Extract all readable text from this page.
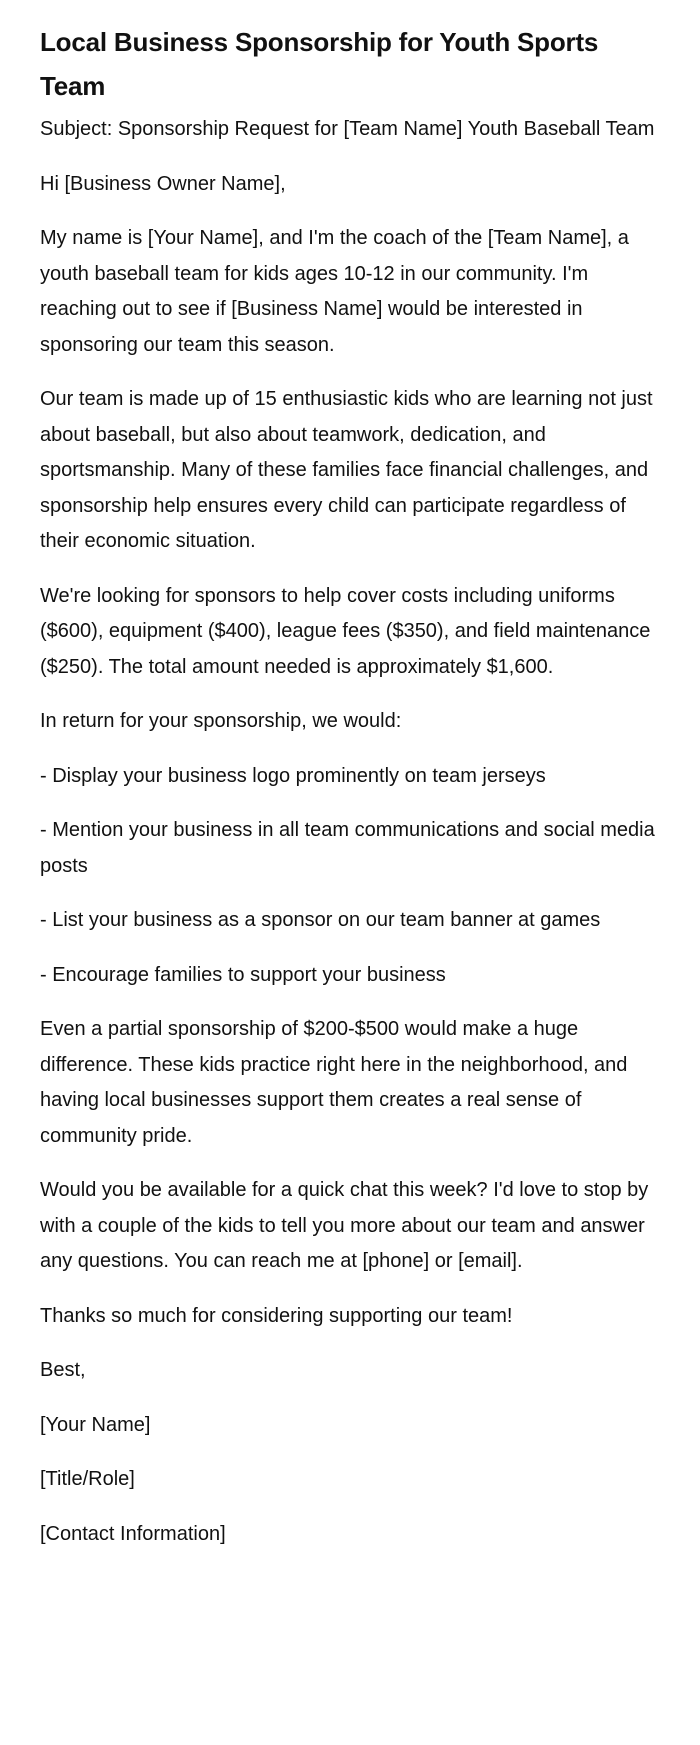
Local Business Sponsorship for Youth Sports Team
Subject: Sponsorship Request for [Team Name] Youth Baseball Team
Hi [Business Owner Name],
My name is [Your Name], and I'm the coach of the [Team Name], a youth baseball team for kids ages 10-12 in our community. I'm reaching out to see if [Business Name] would be interested in sponsoring our team this season.
Our team is made up of 15 enthusiastic kids who are learning not just about baseball, but also about teamwork, dedication, and sportsmanship. Many of these families face financial challenges, and sponsorship help ensures every child can participate regardless of their economic situation.
We're looking for sponsors to help cover costs including uniforms ($600), equipment ($400), league fees ($350), and field maintenance ($250). The total amount needed is approximately $1,600.
In return for your sponsorship, we would:
- Display your business logo prominently on team jerseys
- Mention your business in all team communications and social media posts
- List your business as a sponsor on our team banner at games
- Encourage families to support your business
Even a partial sponsorship of $200-$500 would make a huge difference. These kids practice right here in the neighborhood, and having local businesses support them creates a real sense of community pride.
Would you be available for a quick chat this week? I'd love to stop by with a couple of the kids to tell you more about our team and answer any questions. You can reach me at [phone] or [email].
Thanks so much for considering supporting our team!
Best,
[Your Name]
[Title/Role]
[Contact Information]
